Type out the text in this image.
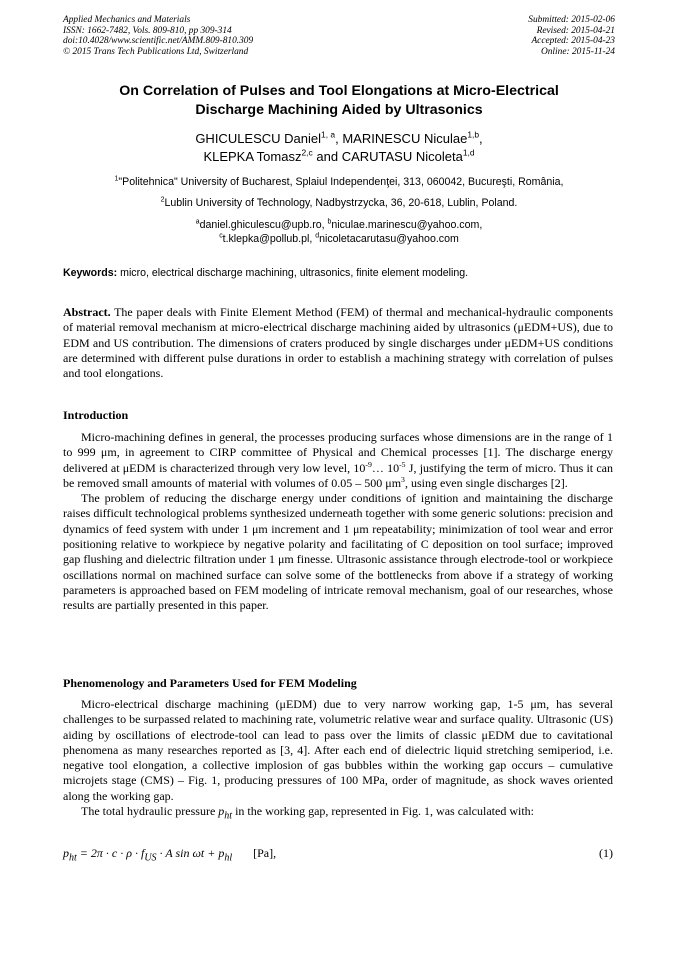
Applied Mechanics and Materials
ISSN: 1662-7482, Vols. 809-810, pp 309-314
doi:10.4028/www.scientific.net/AMM.809-810.309
© 2015 Trans Tech Publications Ltd, Switzerland
Submitted: 2015-02-06
Revised: 2015-04-21
Accepted: 2015-04-23
Online: 2015-11-24
On Correlation of Pulses and Tool Elongations at Micro-Electrical
Discharge Machining Aided by Ultrasonics
GHICULESCU Daniel$^{1, a}$, MARINESCU Niculae$^{1,b}$,
KLEPKA Tomasz$^{2,c}$ and CARUTASU Nicoleta$^{1,d}$
$^1$"Politehnica" University of Bucharest, Splaiul Independenţei, 313, 060042, Bucureşti, România,
$^2$Lublin University of Technology, Nadbystrzycka, 36, 20-618, Lublin, Poland.
$^a$daniel.ghiculescu@upb.ro, $^b$niculae.marinescu@yahoo.com,
$^c$t.klepka@pollub.pl, $^d$nicoletacarutasu@yahoo.com
Keywords: micro, electrical discharge machining, ultrasonics, finite element modeling.

Abstract. The paper deals with Finite Element Method (FEM) of thermal and mechanical-hydraulic components of material removal mechanism at micro-electrical discharge machining aided by ultrasonics (μEDM+US), due to EDM and US contribution. The dimensions of craters produced by single discharges under μEDM+US conditions are determined with different pulse durations in order to establish a machining strategy with correlation of pulses and tool elongations.

Introduction

Micro-machining defines in general, the processes producing surfaces whose dimensions are in the range of 1 to 999 μm, in agreement to CIRP committee of Physical and Chemical processes [1]. The discharge energy delivered at μEDM is characterized through very low level, $10^{-9}\dots$ $10^{-5}$ J, justifying the term of micro. Thus it can be removed small amounts of material with volumes of 0.05 – 500 $\mu m^3$, using even single discharges [2].

The problem of reducing the discharge energy under conditions of ignition and maintaining the discharge raises difficult technological problems synthesized underneath together with some generic solutions: precision and dynamics of feed system with under 1 μm increment and 1 μm repeatability; minimization of tool wear and error positioning relative to workpiece by negative polarity and facilitating of C deposition on tool surface; improved gap flushing and dielectric filtration under 1 μm finesse. Ultrasonic assistance through electrode-tool or workpiece oscillations normal on machined surface can solve some of the bottlenecks from above if a strategy of working parameters is approached based on FEM modeling of intricate removal mechanism, goal of our researches, whose results are partially presented in this paper.

Phenomenology and Parameters Used for FEM Modeling

Micro-electrical discharge machining (μEDM) due to very narrow working gap, 1-5 μm, has several challenges to be surpassed related to machining rate, volumetric relative wear and surface quality. Ultrasonic (US) aiding by oscillations of electrode-tool can lead to pass over the limits of classic μEDM due to cavitational phenomena as many researches reported as [3, 4]. After each end of dielectric liquid stretching semiperiod, i.e. negative tool elongation, a collective implosion of gas bubbles within the working gap occurs – cumulative microjets stage (CMS) – Fig. 1, producing pressures of 100 MPa, order of magnitude, as shock waves oriented along the working gap.

The total hydraulic pressure $p_{ht}$ in the working gap, represented in Fig. 1, was calculated with:

$p_{ht} = 2\pi \cdot c \cdot \rho \cdot f_{US} \cdot A$ $\sin \omega t + p_{hl}$ [Pa],	(1)
